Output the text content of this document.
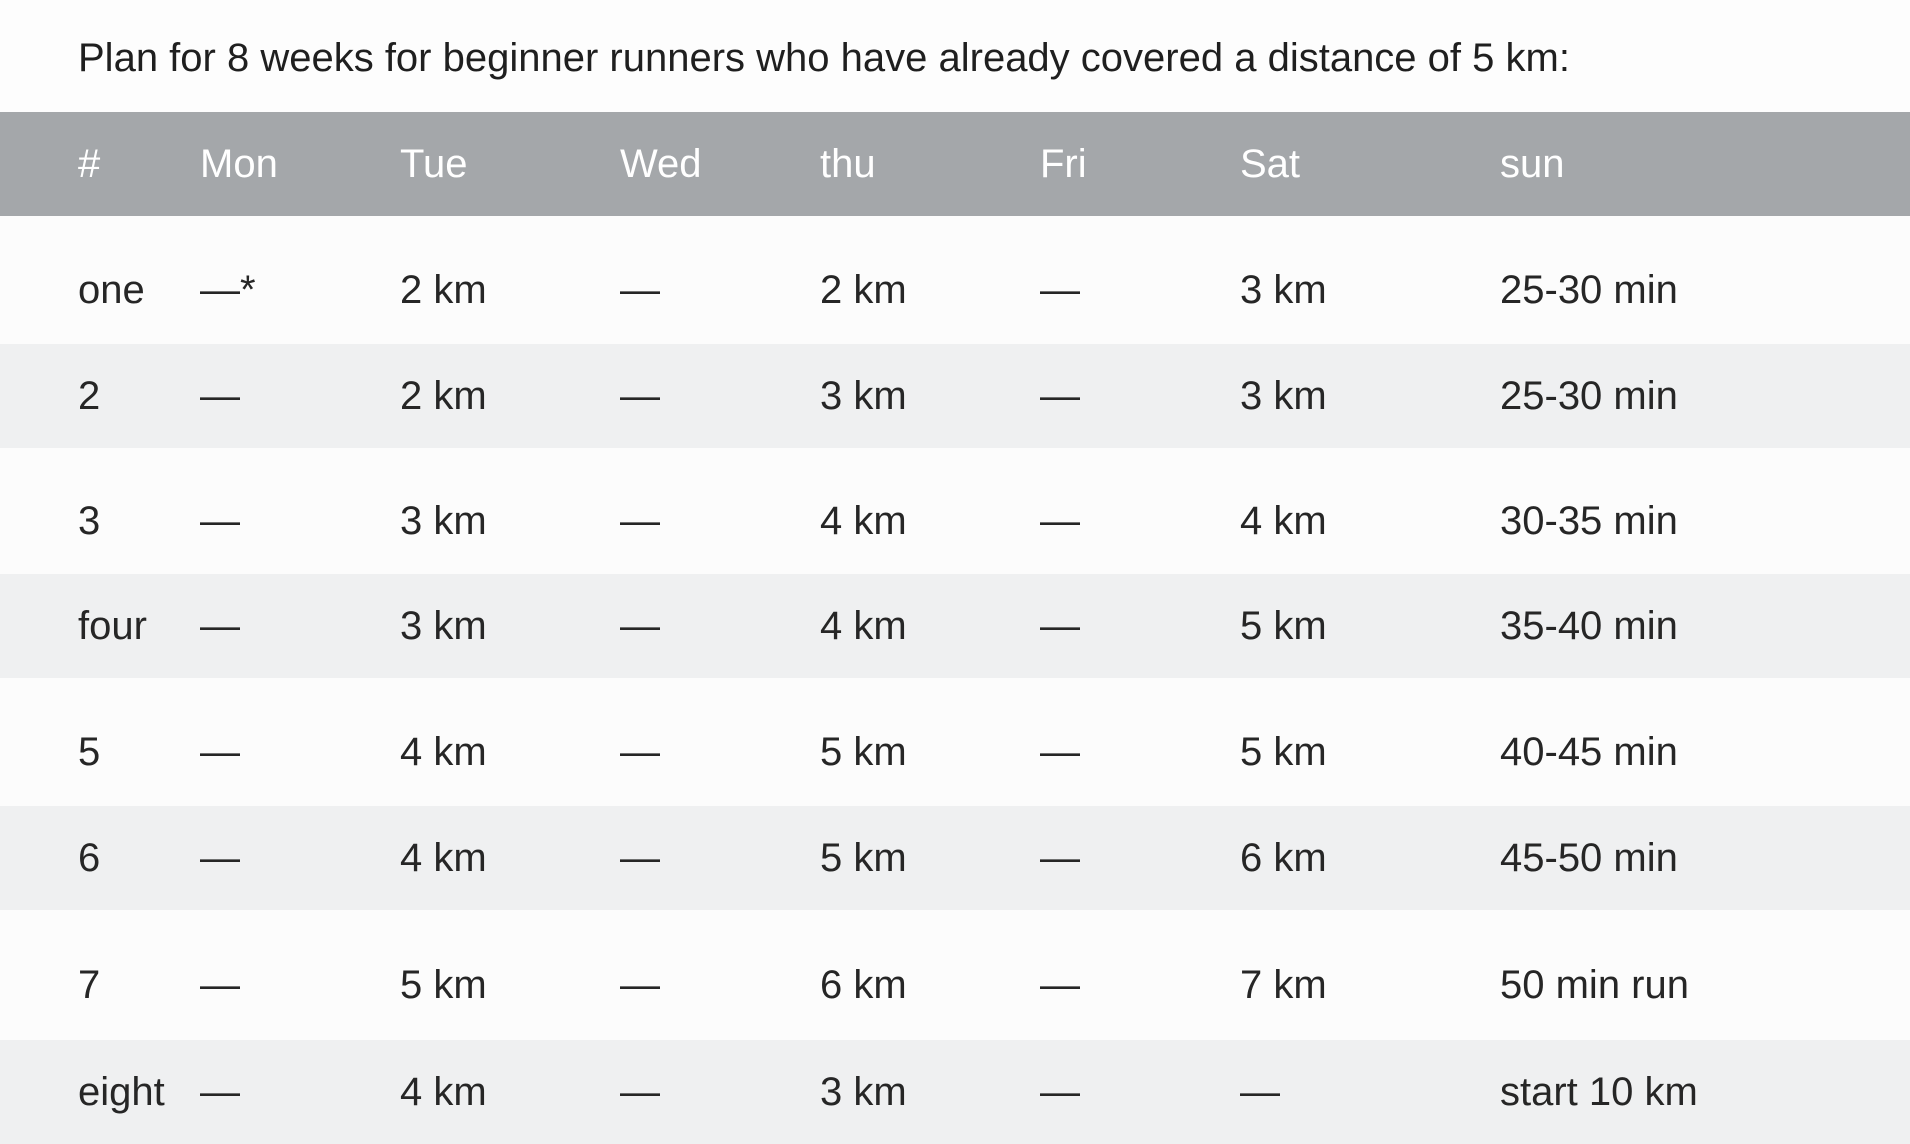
Plan for 8 weeks for beginner runners who have already covered a distance of 5 km:
#	Mon	Tue	Wed	thu	Fri	Sat	sun
one	—*	2 km	—	2 km	—	3 km	25-30 min
2	—	2 km	—	3 km	—	3 km	25-30 min
3	—	3 km	—	4 km	—	4 km	30-35 min
four	—	3 km	—	4 km	—	5 km	35-40 min
5	—	4 km	—	5 km	—	5 km	40-45 min
6	—	4 km	—	5 km	—	6 km	45-50 min
7	—	5 km	—	6 km	—	7 km	50 min run
eight	—	4 km	—	3 km	—	—	start 10 km
